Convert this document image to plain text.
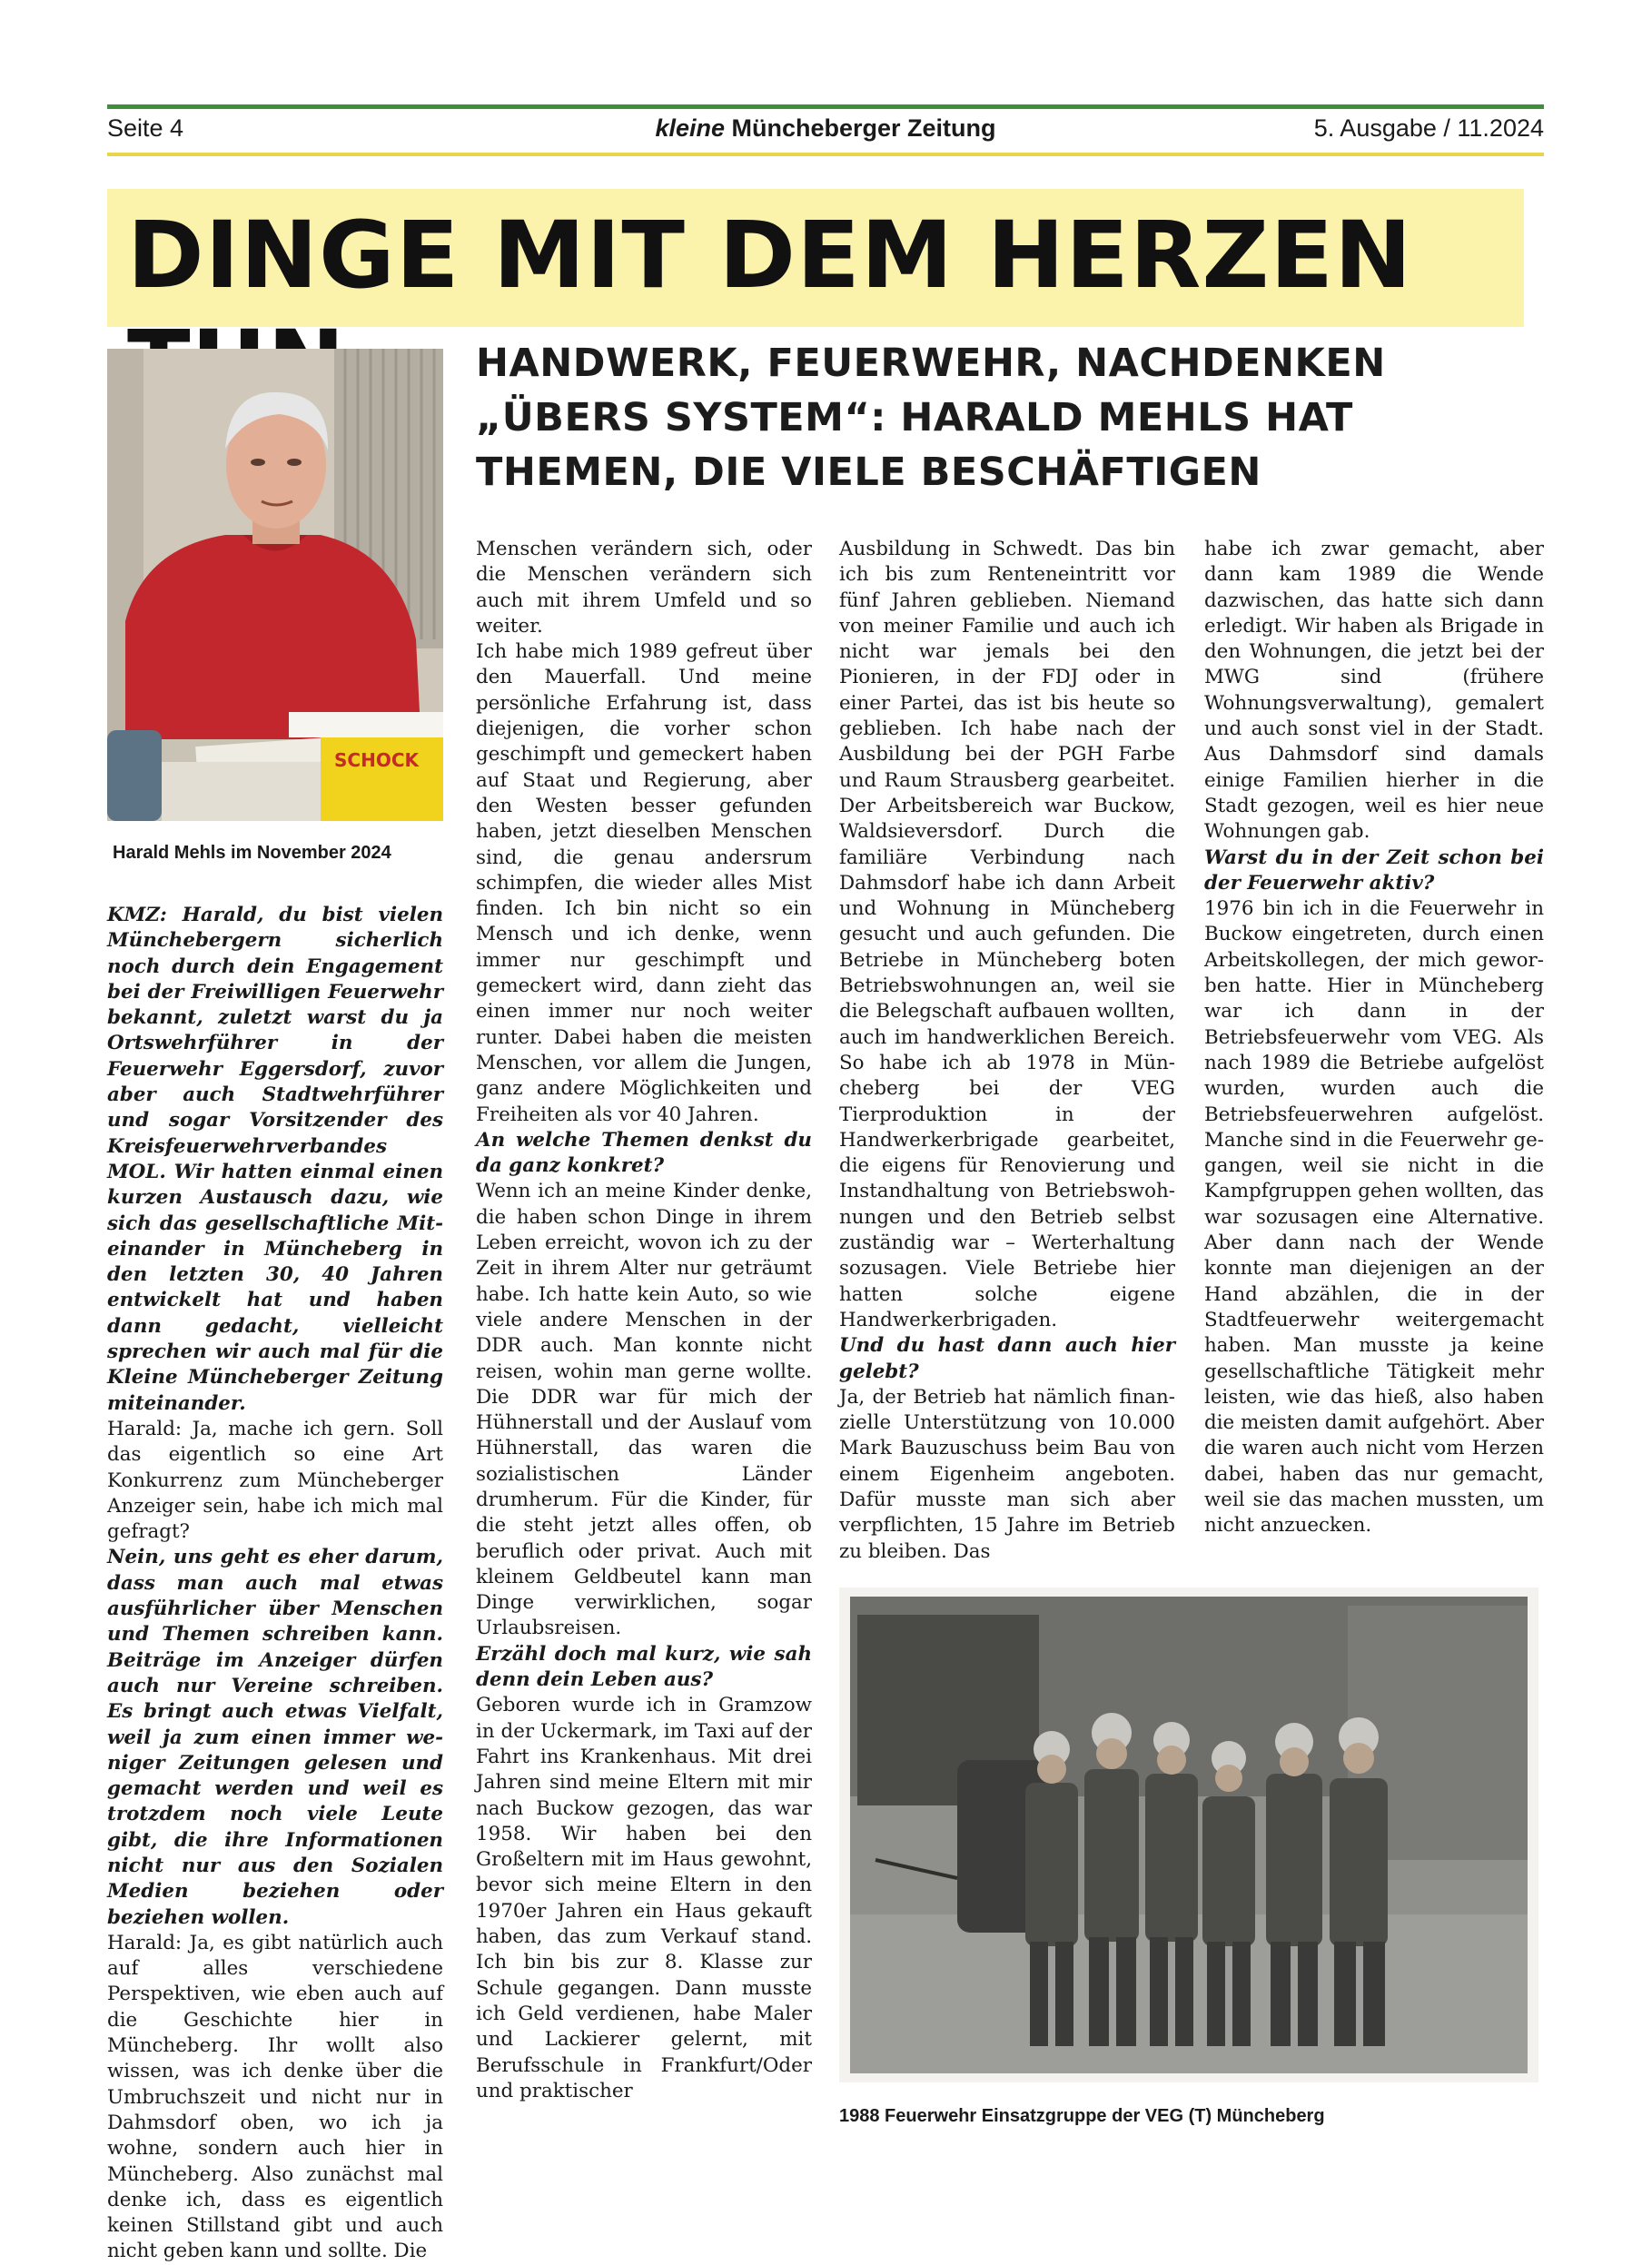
Seite 4	kleine Müncheberger Zeitung	5. Ausgabe / 11.2024
DINGE MIT DEM HERZEN
HANDWERK, FEUERWEHR, NACHDENKEN
„ÜBERS SYSTEM“: HARALD MEHLS HAT
THEMEN, DIE VIELE BESCHÄFTIGEN
SCHOCK
Harald Mehls im November 2024

KMZ: Harald, du bist vielen Münchebergern sicherlich noch durch dein Engagement bei der Freiwilligen Feuerwehr bekannt, zuletzt warst du ja Ortswehrführer in der Feuerwehr Eggersdorf, zuvor aber auch Stadtwehrführer und sogar Vorsitzender des Kreisfeuerwehrverbandes MOL. Wir hatten einmal einen kurzen Austausch dazu, wie sich das gesellschaftliche Miteinander in Müncheberg in den letzten 30, 40 Jahren entwickelt hat und haben dann gedacht, vielleicht sprechen wir auch mal für die Kleine Müncheberger Zeitung miteinander.

Harald: Ja, mache ich gern. Soll das eigentlich so eine Art Konkurrenz zum Müncheberger Anzeiger sein, habe ich mich mal gefragt?

Nein, uns geht es eher darum, dass man auch mal etwas ausführlicher über Menschen und Themen schreiben kann. Beiträge im Anzeiger dürfen auch nur Vereine schreiben. Es bringt auch etwas Vielfalt, weil ja zum einen immer weniger Zeitungen gelesen und gemacht werden und weil es trotzdem noch viele Leute gibt, die ihre Informationen nicht nur aus den Sozialen Medien beziehen oder beziehen wollen.

Harald: Ja, es gibt natürlich auch auf alles verschiedene Perspektiven, wie eben auch auf die Geschichte hier in Müncheberg. Ihr wollt also wissen, was ich denke über die Umbruchszeit und nicht nur in Dahmsdorf oben, wo ich ja wohne, sondern auch hier in Müncheberg. Also zunächst mal denke ich, dass es eigentlich keinen Stillstand gibt und auch nicht geben kann und sollte. Die

Menschen verändern sich, oder die Menschen verändern sich auch mit ihrem Umfeld und so weiter.

Ich habe mich 1989 gefreut über den Mauerfall. Und meine persönliche Erfahrung ist, dass diejenigen, die vorher schon geschimpft und gemeckert haben auf Staat und Regierung, aber den Westen besser gefunden haben, jetzt dieselben Menschen sind, die genau andersrum schimpfen, die wieder alles Mist finden. Ich bin nicht so ein Mensch und ich denke, wenn immer nur geschimpft und gemeckert wird, dann zieht das einen immer nur noch weiter runter. Dabei haben die meisten Menschen, vor allem die Jungen, ganz andere Möglichkeiten und Freiheiten als vor 40 Jahren.

An welche Themen denkst du da ganz konkret?

Wenn ich an meine Kinder denke, die haben schon Dinge in ihrem Leben erreicht, wovon ich zu der Zeit in ihrem Alter nur geträumt habe. Ich hatte kein Auto, so wie viele andere Menschen in der DDR auch. Man konnte nicht reisen, wohin man gerne wollte. Die DDR war für mich der Hühnerstall und der Auslauf vom Hühnerstall, das waren die sozialistischen Länder drumherum. Für die Kinder, für die steht jetzt alles offen, ob beruflich oder privat. Auch mit kleinem Geldbeutel kann man Dinge verwirklichen, sogar Urlaubsreisen.

Erzähl doch mal kurz, wie sah denn dein Leben aus?

Geboren wurde ich in Gramzow in der Uckermark, im Taxi auf der Fahrt ins Krankenhaus. Mit drei Jahren sind meine Eltern mit mir nach Buckow gezogen, das war 1958. Wir haben bei den Großeltern mit im Haus gewohnt, bevor sich meine Eltern in den 1970er Jahren ein Haus gekauft haben, das zum Verkauf stand. Ich bin bis zur 8. Klasse zur Schule gegangen. Dann musste ich Geld verdienen, habe Maler und Lackierer gelernt, mit Berufsschule in Frankfurt/Oder und praktischer

Ausbildung in Schwedt. Das bin ich bis zum Renteneintritt vor fünf Jahren geblieben. Niemand von meiner Familie und auch ich nicht war jemals bei den Pionieren, in der FDJ oder in einer Partei, das ist bis heute so geblieben. Ich habe nach der Ausbildung bei der PGH Farbe und Raum Strausberg gearbeitet. Der Arbeitsbereich war Buckow, Waldsieversdorf. Durch die familiäre Verbindung nach Dahmsdorf habe ich dann Arbeit und Wohnung in Müncheberg gesucht und auch gefunden. Die Betriebe in Müncheberg boten Betriebswohnungen an, weil sie die Belegschaft aufbauen wollten, auch im handwerklichen Bereich. So habe ich ab 1978 in Müncheberg bei der VEG Tierproduktion in der Handwerkerbrigade gearbeitet, die eigens für Renovierung und Instandhaltung von Betriebswohnungen und den Betrieb selbst zuständig war – Werterhaltung sozusagen. Viele Betriebe hier hatten solche eigene Handwerkerbrigaden.

Und du hast dann auch hier gelebt?

Ja, der Betrieb hat nämlich finanzielle Unterstützung von 10.000 Mark Bauzuschuss beim Bau von einem Eigenheim angeboten. Dafür musste man sich aber verpflichten, 15 Jahre im Betrieb zu bleiben. Das

habe ich zwar gemacht, aber dann kam 1989 die Wende dazwischen, das hatte sich dann erledigt. Wir haben als Brigade in den Wohnungen, die jetzt bei der MWG sind (frühere Wohnungsverwaltung), gemalert und auch sonst viel in der Stadt. Aus Dahmsdorf sind damals einige Familien hierher in die Stadt gezogen, weil es hier neue Wohnungen gab.

Warst du in der Zeit schon bei der Feuerwehr aktiv?

1976 bin ich in die Feuerwehr in Buckow eingetreten, durch einen Arbeitskollegen, der mich geworben hatte. Hier in Müncheberg war ich dann in der Betriebsfeuerwehr vom VEG. Als nach 1989 die Betriebe aufgelöst wurden, wurden auch die Betriebsfeuerwehren aufgelöst. Manche sind in die Feuerwehr gegangen, weil sie nicht in die Kampfgruppen gehen wollten, das war sozusagen eine Alternative. Aber dann nach der Wende konnte man diejenigen an der Hand abzählen, die in der Stadtfeuerwehr weitergemacht haben. Man musste ja keine gesellschaftliche Tätigkeit mehr leisten, wie das hieß, also haben die meisten damit aufgehört. Aber die waren auch nicht vom Herzen dabei, haben das nur gemacht, weil sie das machen mussten, um nicht anzuecken.

1988 Feuerwehr Einsatzgruppe der VEG (T) Müncheberg
